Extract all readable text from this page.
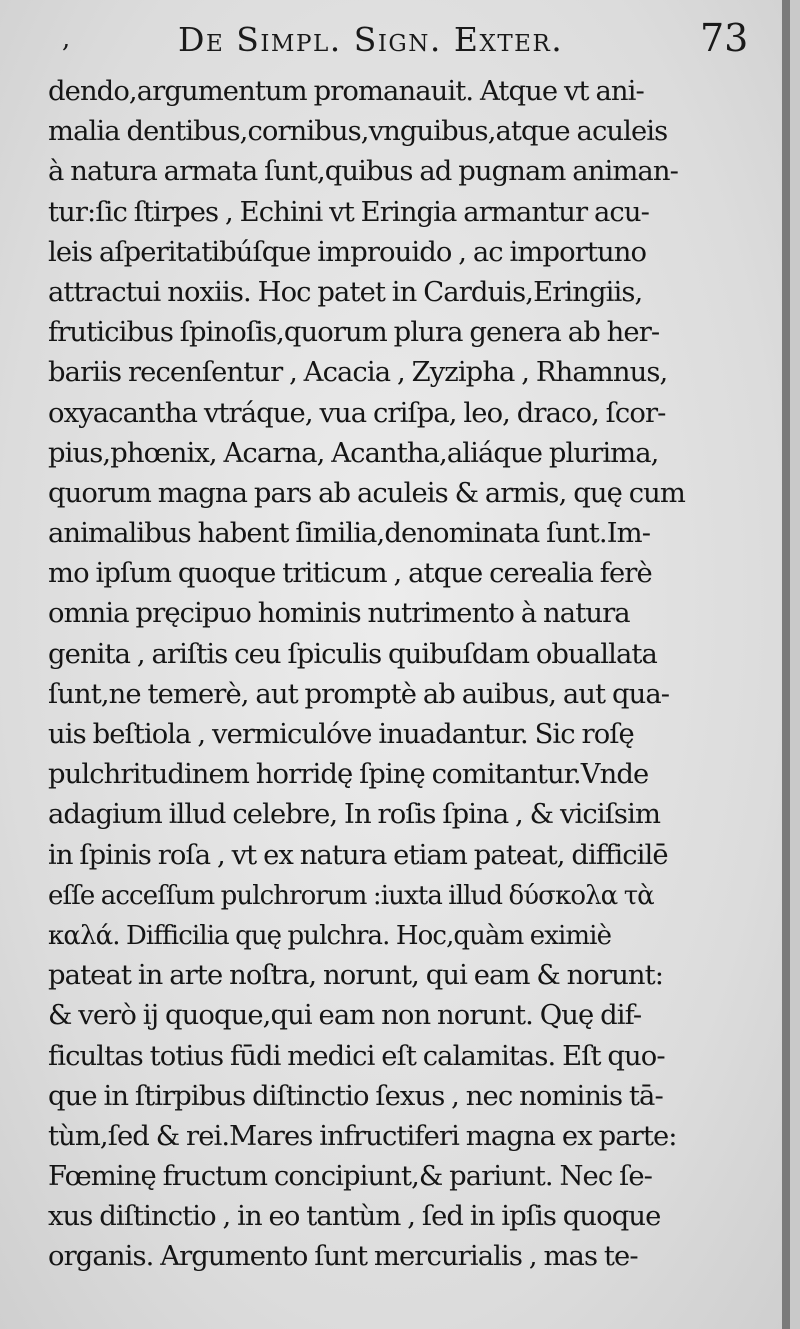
,	De Simpl. Sign. Exter.	73
dendo,argumentum promanauit. Atque vt ani-
malia dentibus,cornibus,vnguibus,atque aculeis
à natura armata ſunt,quibus ad pugnam animan-
tur:ſic ſtirpes , Echini vt Eringia armantur acu-
leis aſperitatibúſque improuido , ac importuno
attractui noxiis. Hoc patet in Carduis,Eringiis,
fruticibus ſpinoſis,quorum plura genera ab her-
bariis recenſentur , Acacia , Zyzipha , Rhamnus,
oxyacantha vtráque, vua criſpa, leo, draco, ſcor-
pius,phœnix, Acarna, Acantha,aliáque plurima,
quorum magna pars ab aculeis & armis, quę cum
animalibus habent ſimilia,denominata ſunt.Im-
mo ipſum quoque triticum , atque cerealia ferè
omnia pręcipuo hominis nutrimento à natura
genita , ariſtis ceu ſpiculis quibuſdam obuallata
ſunt,ne temerè, aut promptè ab auibus, aut qua-
uis beſtiola , vermiculóve inuadantur. Sic roſę
pulchritudinem horridę ſpinę comitantur.Vnde
adagium illud celebre, In roſis ſpina , & viciſsim
in ſpinis roſa , vt ex natura etiam pateat, difficilē
eſſe acceſſum pulchrorum :iuxta illud δύσκολα τὰ
καλά. Difficilia quę pulchra. Hoc,quàm eximiè
pateat in arte noſtra, norunt, qui eam & norunt:
& verò ij quoque,qui eam non norunt. Quę dif-
ficultas totius fūdi medici eſt calamitas. Eſt quo-
que in ſtirpibus diſtinctio ſexus , nec nominis tā-
tùm,ſed & rei.Mares infructiferi magna ex parte:
Fœminę fructum concipiunt,& pariunt. Nec ſe-
xus diſtinctio , in eo tantùm , ſed in ipſis quoque
organis. Argumento ſunt mercurialis , mas te-
